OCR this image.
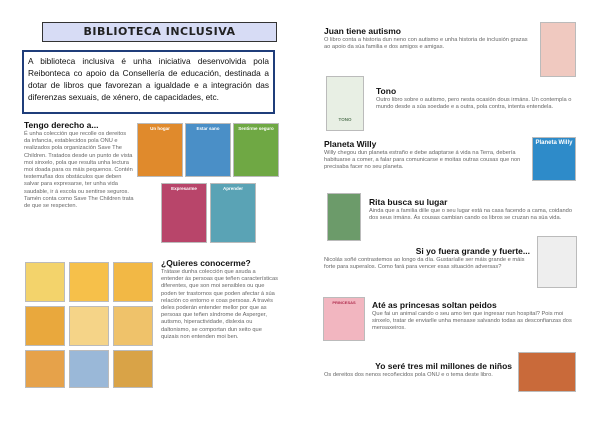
BIBLIOTECA INCLUSIVA
A biblioteca inclusiva é unha iniciativa desenvolvida pola Reibonteca co apoio da Consellería de educación, destinada a dotar de libros que favorezan a igualdade e a integración das diferenzas sexuais, de xénero, de capacidades, etc.
Tengo derecho a...
É unha colección que recolle os dereitos da infancia, establecidos pola ONU e realizados pola organización Save The Children. Tratados desde un punto de vista moi sinxelo, pola que resulta unha lectura moi doada para os máis pequenos. Contén testemuñas dos obstáculos que deben salvar para expresarse, ter unha vida saudable, ir á escola ou sentirse seguros. Tamén conta como Save The Children trata de que se respecten.
Un hogar	Estar sano	Sentirme seguro
Expresarme	Aprender
¿Quieres conocerme?
Trátase dunha colección que axuda a entender ás persoas que teñen características diferentes, que son moi sensibles ou que poden ter trastornos que poden afectar á súa relación co entorno e coas persoas. A través deles poderán entender mellor por que as persoas que teñen síndrome de Asperger, autismo, hiperactividade, dislexia ou daltonismo, se comportan dun xeito que quizais non entenden moi ben.
Juan tiene autismo
O libro conta a historia dun neno con autismo e unha historia de inclusión grazas ao apoio da súa familia e dos amigos e amigas.
TONO
Tono
Outro libro sobre o autismo, pero nesta ocasión dous irmáns. Un contempla o mundo desde a súa soedade e a outra, pola contra, intenta entendela.
Planeta Willy
Willy chegou dun planeta estraño e debe adaptarse á vida na Terra, debería habituarse a comer, a falar para comunicarse e moitas outras cousas que non precisaba facer no seu planeta.
Planeta Willy
Rita busca su lugar
Ainda que a familia dille que o seu lugar está na casa facendo a cama, coidando dos seus irmáns. Ás cousas cambian cando os libros se cruzan na súa vida.
Si yo fuera grande y fuerte...
Nicolás soñé contrastemos ao longo da día. Gustaríalle ser máis grande e máis forte para superalos. Como fará para vencer esas situación adversas?
PRINCESAS	Até as princesas soltan peidos
Que fai un animal cando o seu amo ten que ingresar nun hospital? Pois moi sinxelo, tratar de enviarlle unha mensaxe salvando todas as desconfianzas dos mensaxeiros.
Yo seré tres mil millones de niños
Os dereitos dos nenos recoñecidos pola ONU e o tema deste libro.
